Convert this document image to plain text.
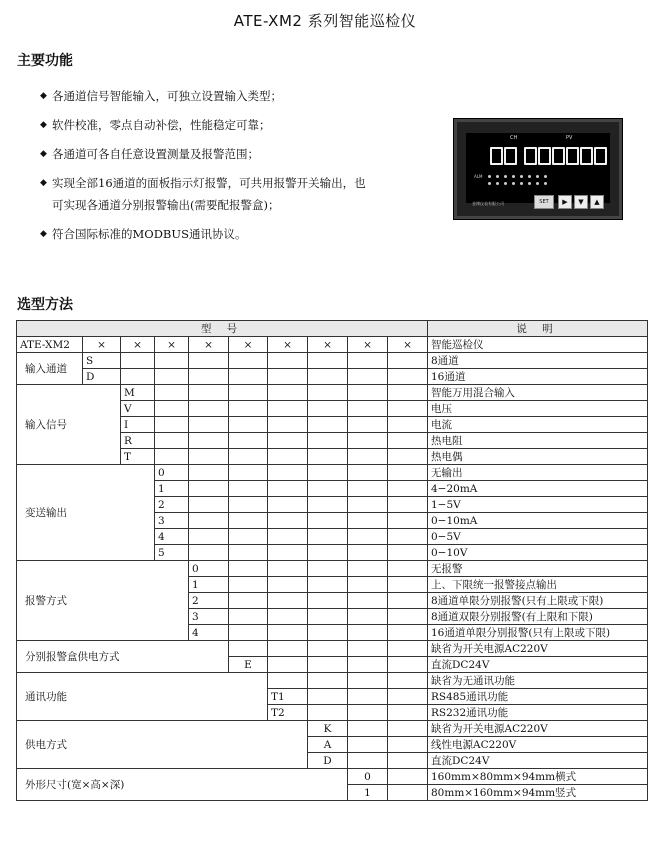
ATE-XM2 系列智能巡检仪
主要功能
◆ 各通道信号智能输入，可独立设置输入类型；
◆ 软件校准，零点自动补偿，性能稳定可靠；
◆ 各通道可各自任意设置测量及报警范围；
◆ 实现全部16通道的面板指示灯报警，可共用报警开关输出，也
可实现各通道分别报警输出(需要配报警盒)；
◆ 符合国际标准的MODBUS通讯协议。
CH	PV
ALM
SET	▶	▼	▲
金博仪表有限公司
选型方法
型 号										说 明
ATE-XM2	×	×	×	×	×	×	×	×	×	智能巡检仪
输入通道	S									8通道
	D									16通道
输入信号		M								智能万用混合输入
		V								电压
		I								电流
		R								热电阻
		T								热电偶
变送输出			0							无输出
			1							4−20mA
			2							1−5V
			3							0−10mA
			4							0−5V
			5							0−10V
报警方式				0						无报警
				1						上、下限统一报警接点输出
				2						8通道单限分别报警(只有上限或下限)
				3						8通道双限分别报警(有上限和下限)
				4						16通道单限分别报警(只有上限或下限)
分别报警盒供电方式										缺省为开关电源AC220V
					E					直流DC24V
通讯功能										缺省为无通讯功能
						T1				RS485通讯功能
						T2				RS232通讯功能
供电方式							K			缺省为开关电源AC220V
							A			线性电源AC220V
							D			直流DC24V
外形尺寸(宽×高×深)								0		160mm×80mm×94mm横式
								1		80mm×160mm×94mm竖式
